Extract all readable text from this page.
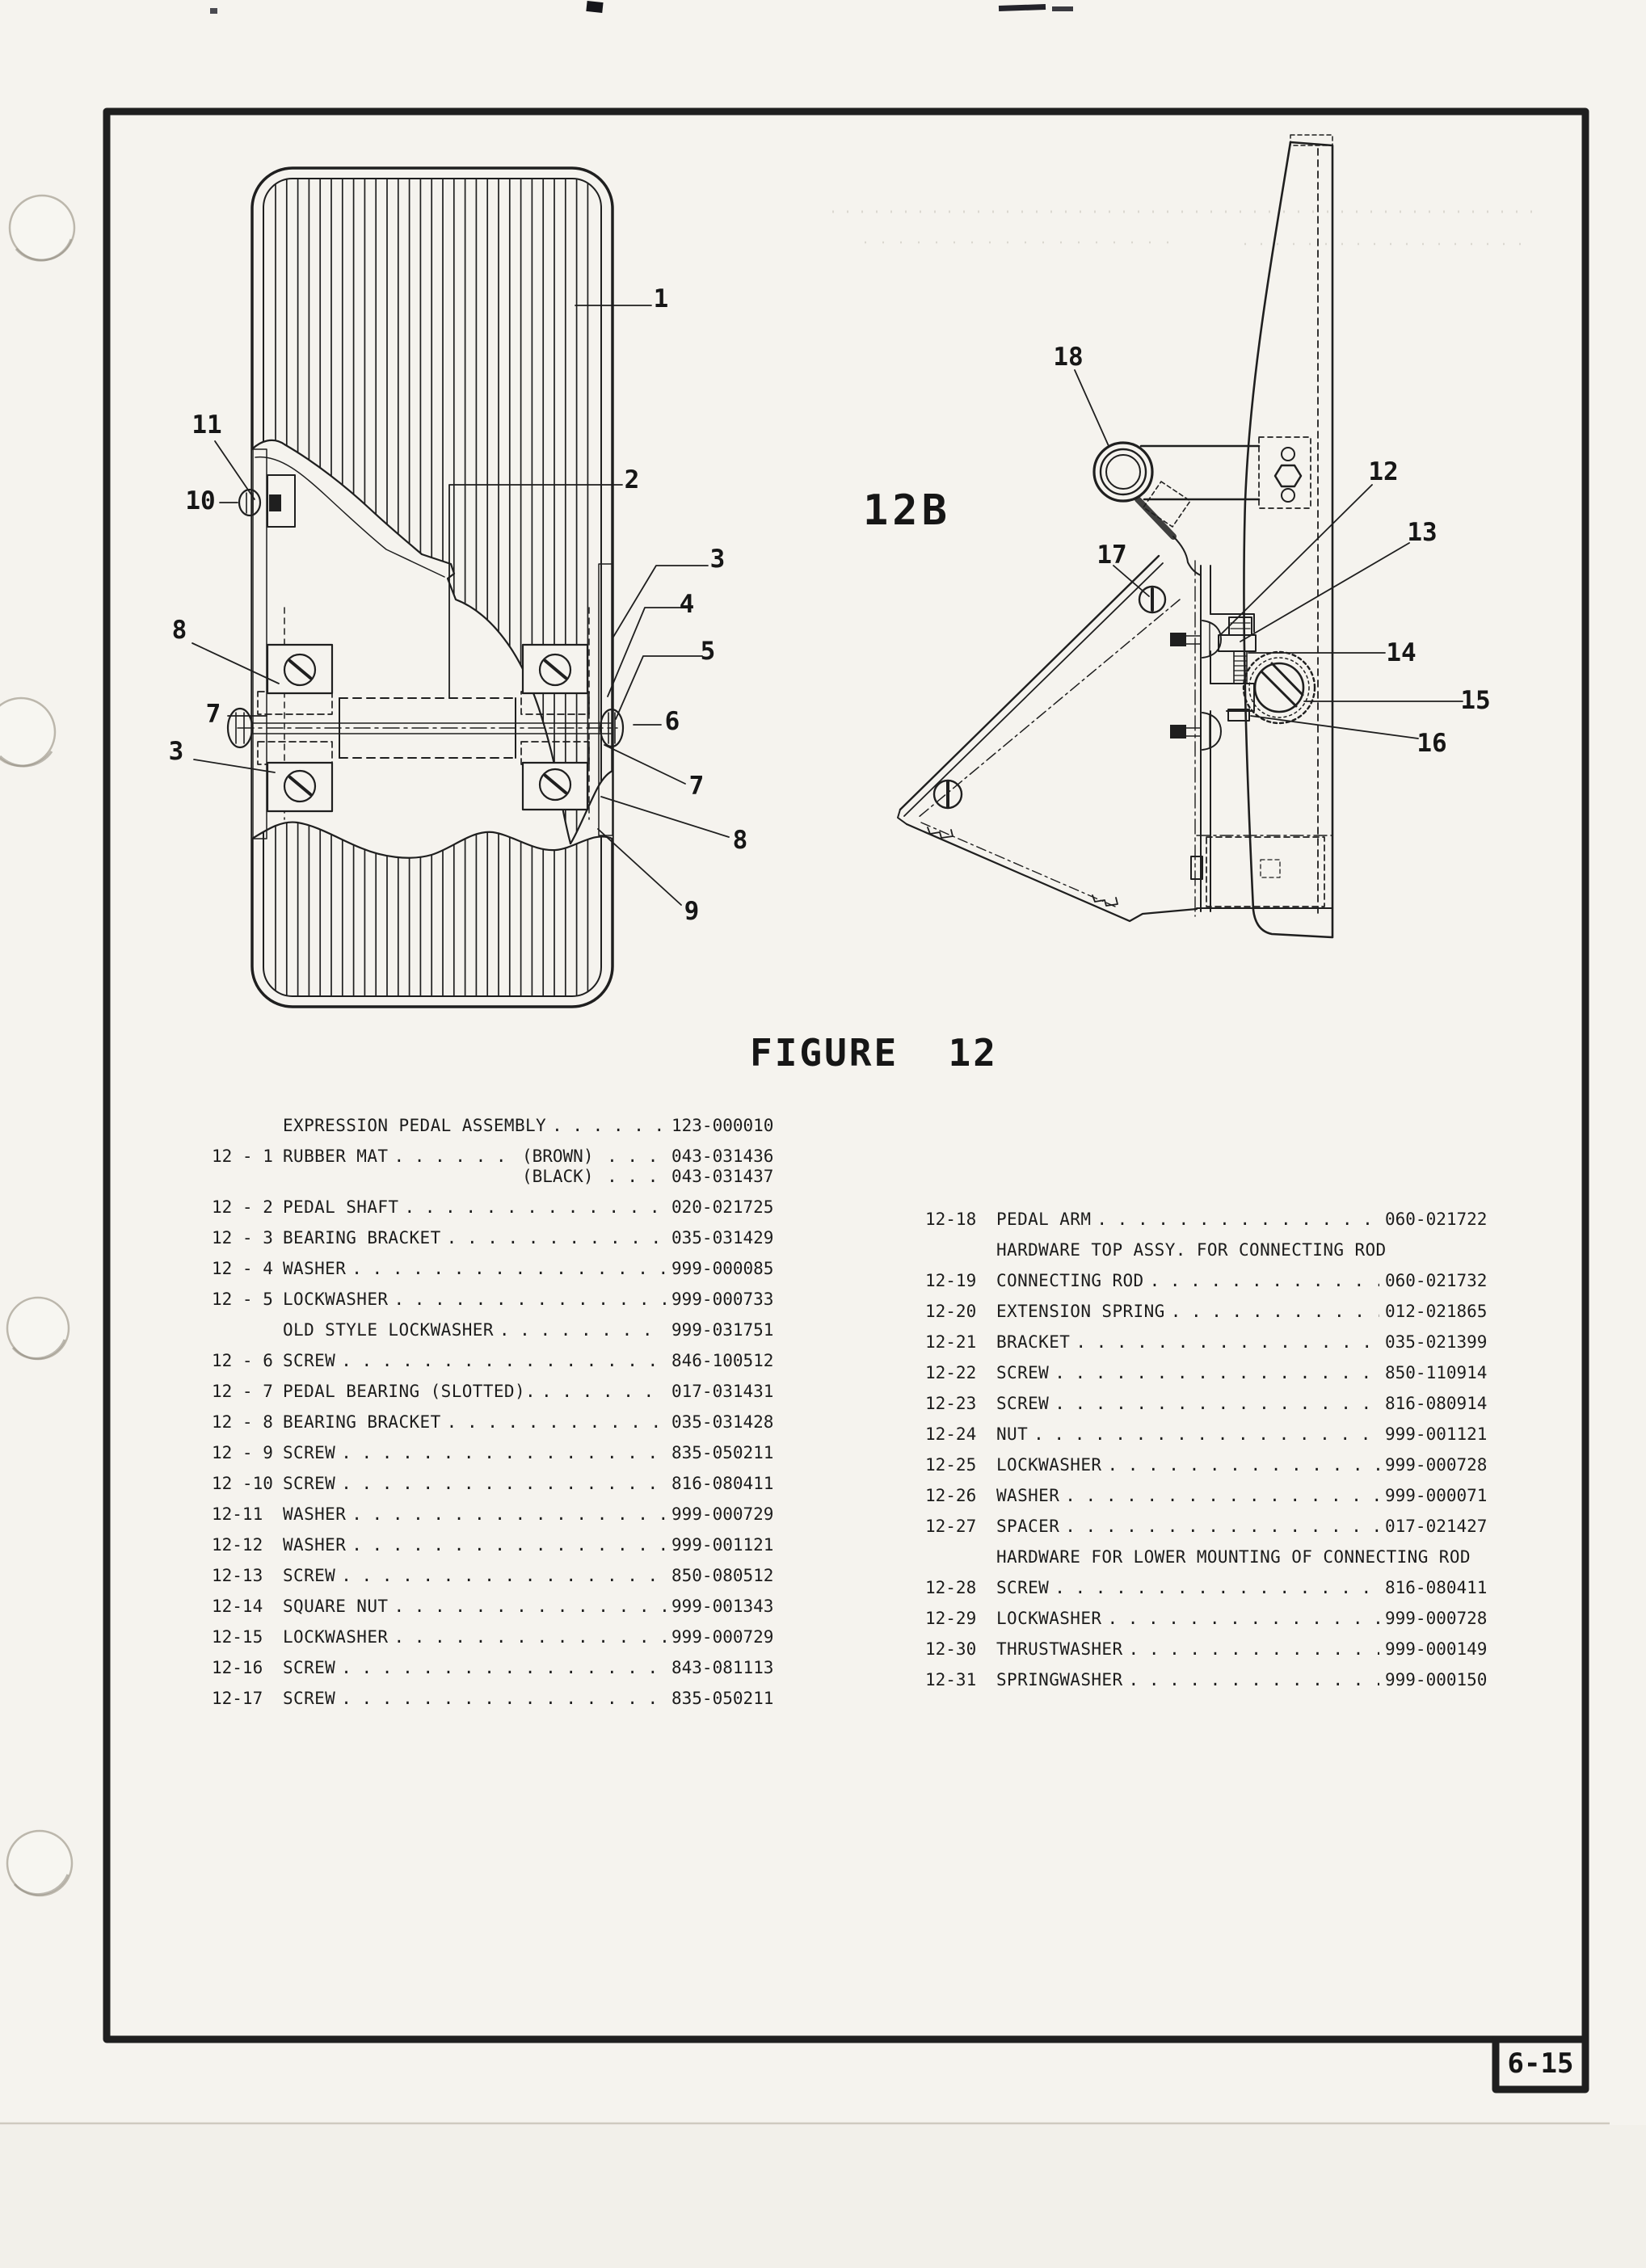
12B
FIGURE  12
EXPRESSION PEDAL ASSEMBLY . . .	123-000010
12 - 1 RUBBER MAT . . .	(BROWN) . . .	043-031436
(BLACK) . . .	043-031437
12 - 2 PEDAL SHAFT . . .	020-021725
12 - 3 BEARING BRACKET . . .	035-031429
12 - 4 WASHER . . .	999-000085
12 - 5 LOCKWASHER . . .	999-000733
OLD STYLE LOCKWASHER . . .	999-031751
12 - 6 SCREW . . .	846-100512
12 - 7 PEDAL BEARING (SLOTTED). . . .	017-031431
12 - 8 BEARING BRACKET . . .	035-031428
12 - 9 SCREW . . .	835-050211
12 -10 SCREW . . .	816-080411
12-11	WASHER . . .	999-000729
12-12	WASHER . . .	999-001121
12-13	SCREW . . .	850-080512
12-14	SQUARE NUT . . .	999-001343
12-15	LOCKWASHER . . .	999-000729
12-16	SCREW . . .	843-081113
12-17	SCREW . . .	835-050211
12-18	PEDAL ARM . . .	060-021722
HARDWARE TOP ASSY. FOR CONNECTING ROD
12-19	CONNECTING ROD . . .	060-021732
12-20	EXTENSION SPRING . . .	012-021865
12-21	BRACKET . . .	035-021399
12-22	SCREW . . .	850-110914
12-23	SCREW . . .	816-080914
12-24	NUT . . .	999-001121
12-25	LOCKWASHER . . .	999-000728
12-26	WASHER . . .	999-000071
12-27	SPACER . . .	017-021427
HARDWARE FOR LOWER MOUNTING OF CONNECTING ROD
12-28	SCREW . . .	816-080411
12-29	LOCKWASHER . . .	999-000728
12-30	THRUSTWASHER . . .	999-000149
12-31	SPRINGWASHER . . .	999-000150
1
2
3
4
5
6
7
8
9
11
10
8
7
3
18
12
13
14
15
16
17
6-15
